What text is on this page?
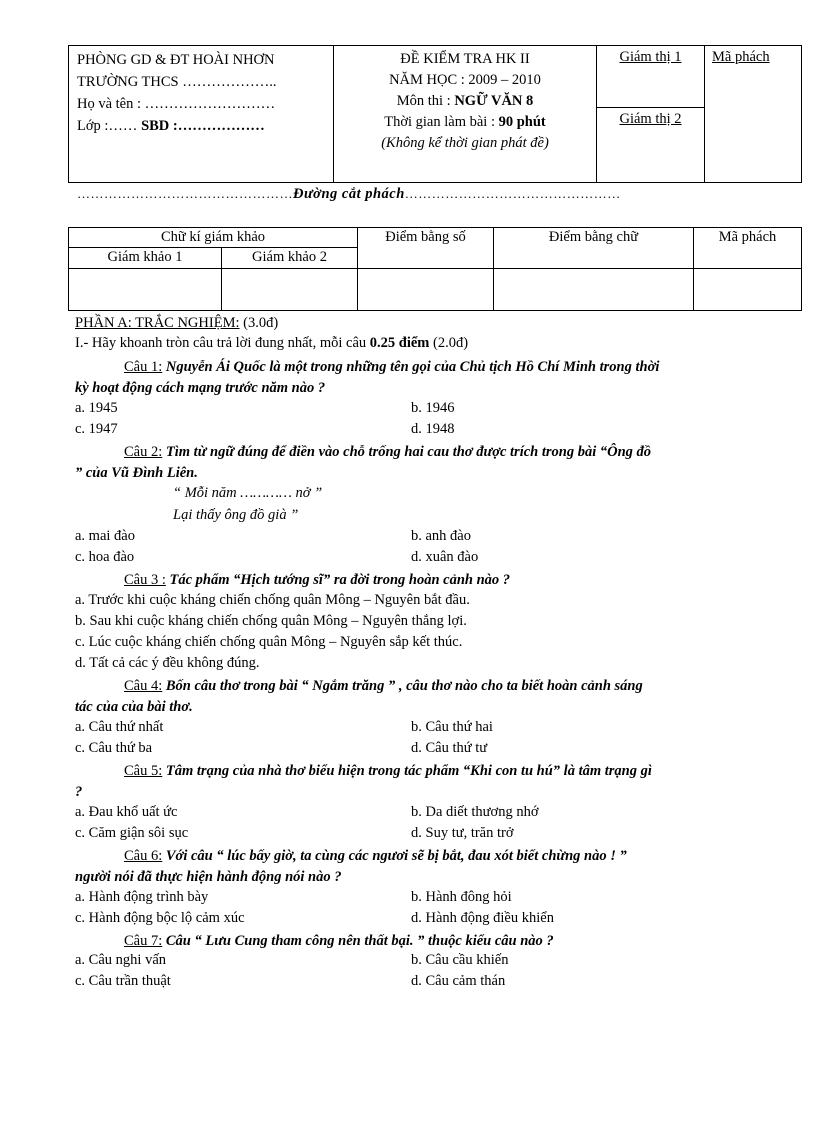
PHÒNG GD & ĐT HOÀI NHƠN
TRƯỜNG THCS ………………..
Họ và tên : ………………………
Lớp :…… SBD :………………

ĐỀ KIỂM TRA HK II
NĂM HỌC : 2009 – 2010
Môn thi : NGỮ VĂN 8
Thời gian làm bài : 90 phút
(Không kể thời gian phát đề)
	Giám thị 1	Mã phách
Giám thị 2
…………………………………………Đường cắt phách…………………………………………
Chữ kí giám khảo		Điểm bằng số	Điểm bằng chữ	Mã phách
Giám khảo 1	Giám khảo 2			

PHẦN A: TRẮC NGHIỆM: (3.0đ)
I.- Hãy khoanh tròn câu trả lời đung nhất, mỗi câu 0.25 điểm (2.0đ)
Câu 1: Nguyễn Ái Quốc là một trong những tên gọi của Chủ tịch Hồ Chí Minh trong thời
kỳ hoạt động cách mạng trước năm nào ?
a. 1945	b. 1946
c. 1947	d. 1948
Câu 2: Tìm từ ngữ đúng để điền vào chỗ trống hai cau thơ được trích trong bài “Ông đồ
” của Vũ Đình Liên.
“ Mỗi năm ………… nở ”
Lại thấy ông đồ già ”
a. mai đào	b. anh đào
c. hoa đào	d. xuân đào
Câu 3 : Tác phẩm “Hịch tướng sĩ” ra đời trong hoàn cảnh nào ?
a. Trước khi cuộc kháng chiến chống quân Mông – Nguyên bắt đầu.
b. Sau khi cuộc kháng chiến chống quân Mông – Nguyên thắng lợi.
c. Lúc cuộc kháng chiến chống quân Mông – Nguyên sắp kết thúc.
d. Tất cả các ý đều không đúng.
Câu 4: Bốn câu thơ trong bài “ Ngắm trăng ” , câu thơ nào cho ta biết hoàn cảnh sáng
tác của của bài thơ.
a. Câu thứ nhất	b. Câu thứ hai
c. Câu thứ ba	d. Câu thứ tư
Câu 5: Tâm trạng của nhà thơ biểu hiện trong tác phẩm “Khi con tu hú” là tâm trạng gì
?
a. Đau khổ uất ức	b. Da diết thương nhớ
c. Căm giận sôi sục	d. Suy tư, trăn trở
Câu 6: Với câu “ lúc bấy giờ, ta cùng các ngươi sẽ bị bắt, đau xót biết chừng nào ! ”
người nói đã thực hiện hành động nói nào ?
a. Hành động trình bày	b. Hành đông hỏi
c. Hành động bộc lộ cảm xúc	d. Hành động điều khiển
Câu 7: Câu “ Lưu Cung tham công nên thất bại. ” thuộc kiểu câu nào ?
a. Câu nghi vấn	b. Câu cầu khiến
c. Câu trần thuật	d. Câu cảm thán
